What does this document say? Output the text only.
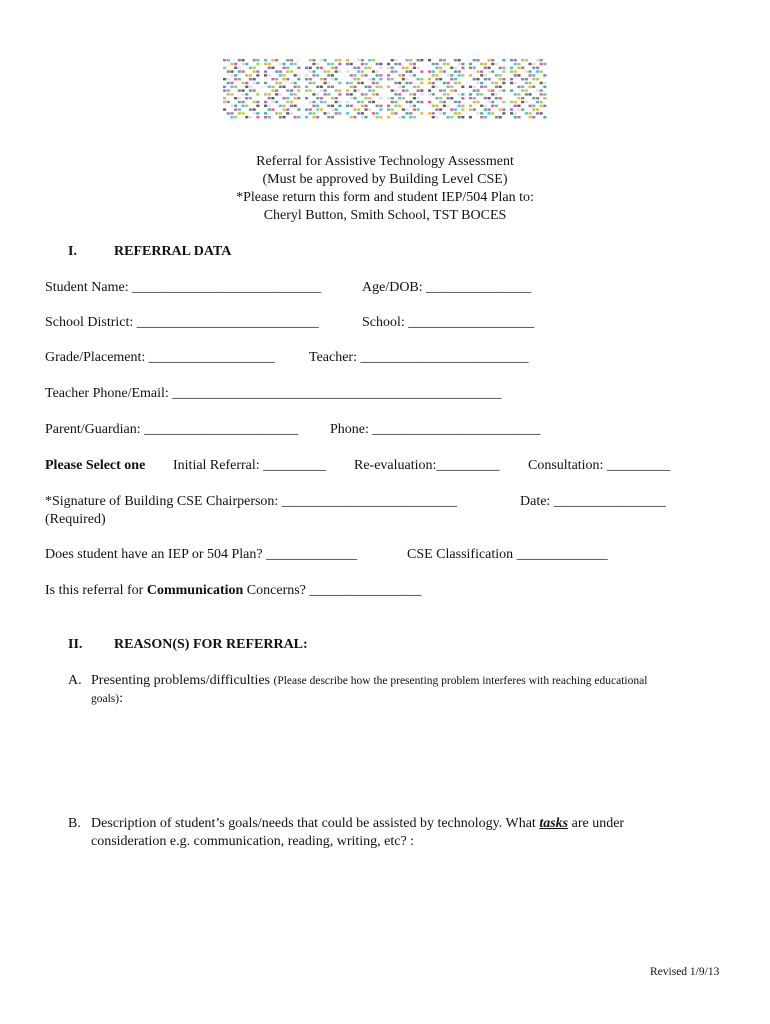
Referral for Assistive Technology Assessment
(Must be approved by Building Level CSE)
*Please return this form and student IEP/504 Plan to:
Cheryl Button, Smith School, TST BOCES
I.	REFERRAL DATA
Student Name: ___________________________	Age/DOB: _______________
School District: __________________________	School: __________________
Grade/Placement: __________________ Teacher: ________________________
Teacher Phone/Email: _______________________________________________
Parent/Guardian: ______________________ Phone: ________________________
Please Select one Initial Referral: _________ Re-evaluation:_________ Consultation: _________
*Signature of Building CSE Chairperson: _________________________	Date: ________________
(Required)
Does student have an IEP or 504 Plan? _____________	CSE Classification _____________
Is this referral for Communication Concerns? ________________
II. REASON(S) FOR REFERRAL:
A. Presenting problems/difficulties (Please describe how the presenting problem interferes with reaching educational
goals):
B. Description of student’s goals/needs that could be assisted by technology. What tasks are under
consideration e.g. communication, reading, writing, etc? :
Revised 1/9/13
